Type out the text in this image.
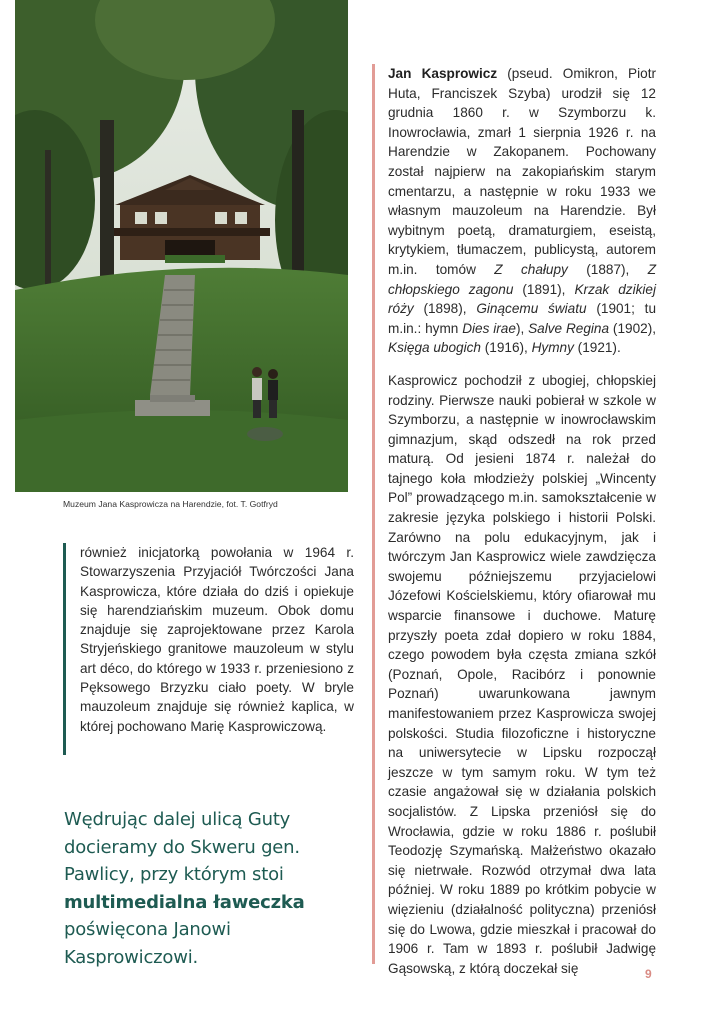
Muzeum Jana Kasprowicza na Harendzie, fot. T. Gotfryd

również inicjatorką powołania w 1964 r. Stowarzyszenia Przyjaciół Twórczości Jana Kasprowicza, które działa do dziś i opiekuje się harendziańskim muzeum. Obok domu znajduje się zaprojektowane przez Karola Stryjeńskiego granitowe mauzoleum w stylu art déco, do którego w 1933 r. przeniesiono z Pęksowego Brzyzku ciało poety. W bryle mauzoleum znajduje się również kaplica, w której pochowano Marię Kasprowiczową.

Wędrując dalej ulicą Guty docieramy do Skweru gen. Pawlicy, przy którym stoi multimedialna ławeczka poświęcona Janowi Kasprowiczowi.

Jan Kasprowicz (pseud. Omikron, Piotr Huta, Franciszek Szyba) urodził się 12 grudnia 1860 r. w Szymborzu k. Inowrocławia, zmarł 1 sierpnia 1926 r. na Harendzie w Zakopanem. Pochowany został najpierw na zakopiańskim starym cmentarzu, a następnie w roku 1933 we własnym mauzoleum na Harendzie. Był wybitnym poetą, dramaturgiem, eseistą, krytykiem, tłumaczem, publicystą, autorem m.in. tomów Z chałupy (1887), Z chłopskiego zagonu (1891), Krzak dzikiej róży (1898), Ginącemu światu (1901; tu m.in.: hymn Dies irae), Salve Regina (1902), Księga ubogich (1916), Hymny (1921).

Kasprowicz pochodził z ubogiej, chłopskiej rodziny. Pierwsze nauki pobierał w szkole w Szymborzu, a następnie w inowrocławskim gimnazjum, skąd odszedł na rok przed maturą. Od jesieni 1874 r. należał do tajnego koła młodzieży polskiej „Wincenty Pol” prowadzącego m.in. samokształcenie w zakresie języka polskiego i historii Polski. Zarówno na polu edukacyjnym, jak i twórczym Jan Kasprowicz wiele zawdzięcza swojemu późniejszemu przyjacielowi Józefowi Kościelskiemu, który ofiarował mu wsparcie finansowe i duchowe. Maturę przyszły poeta zdał dopiero w roku 1884, czego powodem była częsta zmiana szkół (Poznań, Opole, Racibórz i ponownie Poznań) uwarunkowana jawnym manifestowaniem przez Kasprowicza swojej polskości. Studia filozoficzne i historyczne na uniwersytecie w Lipsku rozpoczął jeszcze w tym samym roku. W tym też czasie angażował się w działania polskich socjalistów. Z Lipska przeniósł się do Wrocławia, gdzie w roku 1886 r. poślubił Teodozję Szymańską. Małżeństwo okazało się nietrwałe. Rozwód otrzymał dwa lata później. W roku 1889 po krótkim pobycie w więzieniu (działalność polityczna) przeniósł się do Lwowa, gdzie mieszkał i pracował do 1906 r. Tam w 1893 r. poślubił Jadwigę Gąsowską, z którą doczekał się	9
